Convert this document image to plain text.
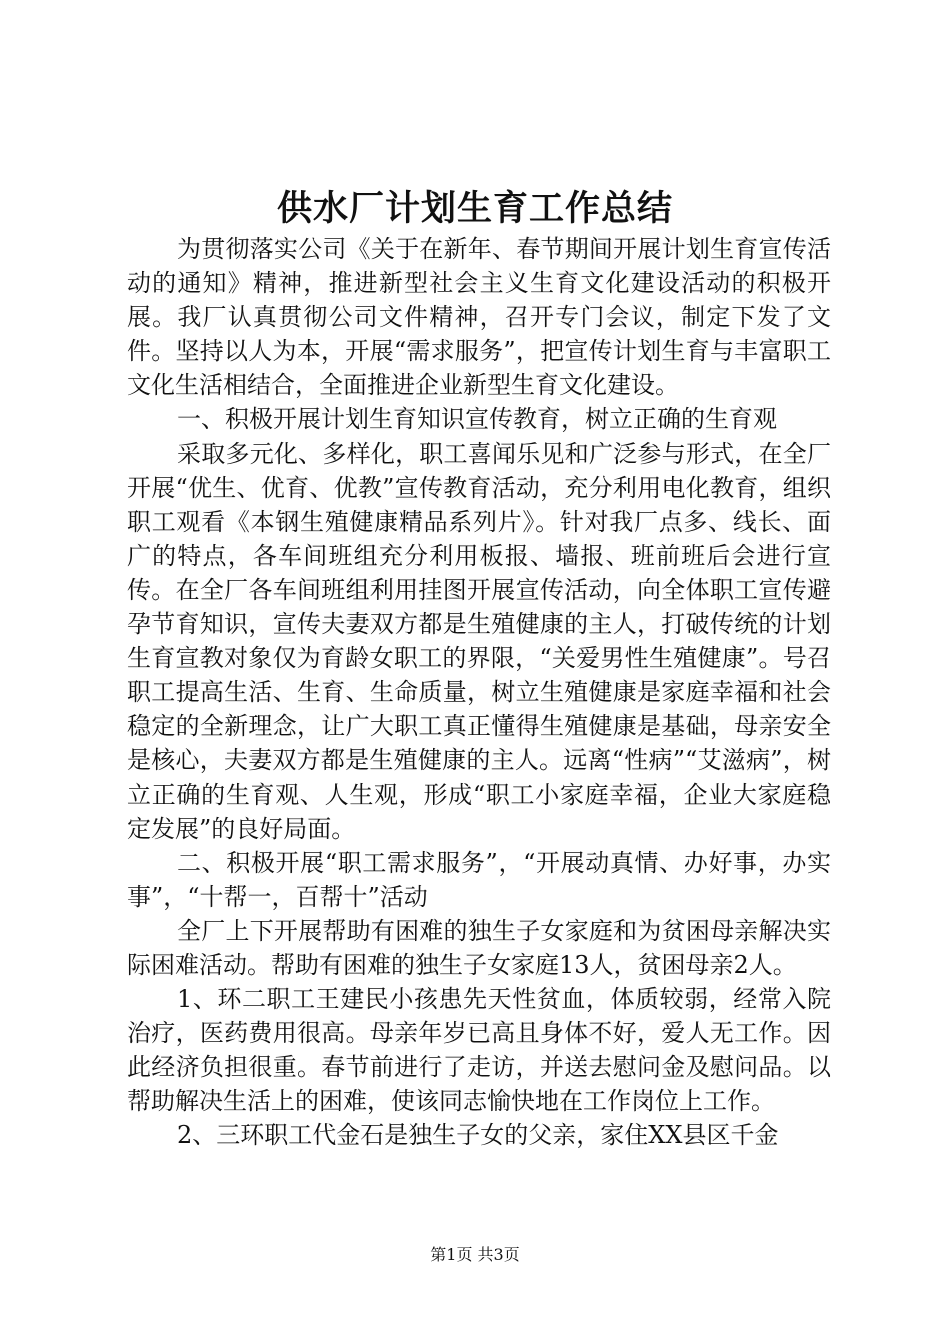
供水厂计划生育工作总结

为贯彻落实公司《关于在新年、春节期间开展计划生育宣传活动的通知》精神，推进新型社会主义生育文化建设活动的积极开展。我厂认真贯彻公司文件精神，召开专门会议，制定下发了文件。坚持以人为本，开展“需求服务”，把宣传计划生育与丰富职工文化生活相结合，全面推进企业新型生育文化建设。

一、积极开展计划生育知识宣传教育，树立正确的生育观

采取多元化、多样化，职工喜闻乐见和广泛参与形式，在全厂开展“优生、优育、优教”宣传教育活动，充分利用电化教育，组织职工观看《本钢生殖健康精品系列片》。针对我厂点多、线长、面广的特点，各车间班组充分利用板报、墙报、班前班后会进行宣传。在全厂各车间班组利用挂图开展宣传活动，向全体职工宣传避孕节育知识，宣传夫妻双方都是生殖健康的主人，打破传统的计划生育宣教对象仅为育龄女职工的界限，“关爱男性生殖健康”。号召职工提高生活、生育、生命质量，树立生殖健康是家庭幸福和社会稳定的全新理念，让广大职工真正懂得生殖健康是基础，母亲安全是核心，夫妻双方都是生殖健康的主人。远离“性病”“艾滋病”，树立正确的生育观、人生观，形成“职工小家庭幸福，企业大家庭稳定发展”的良好局面。

二、积极开展“职工需求服务”，“开展动真情、办好事，办实事”，“十帮一，百帮十”活动

全厂上下开展帮助有困难的独生子女家庭和为贫困母亲解决实际困难活动。帮助有困难的独生子女家庭13人，贫困母亲2人。

1、环二职工王建民小孩患先天性贫血，体质较弱，经常入院治疗，医药费用很高。母亲年岁已高且身体不好，爱人无工作。因此经济负担很重。春节前进行了走访，并送去慰问金及慰问品。以帮助解决生活上的困难，使该同志愉快地在工作岗位上工作。

2、三环职工代金石是独生子女的父亲，家住XX县区千金

第1页 共3页
